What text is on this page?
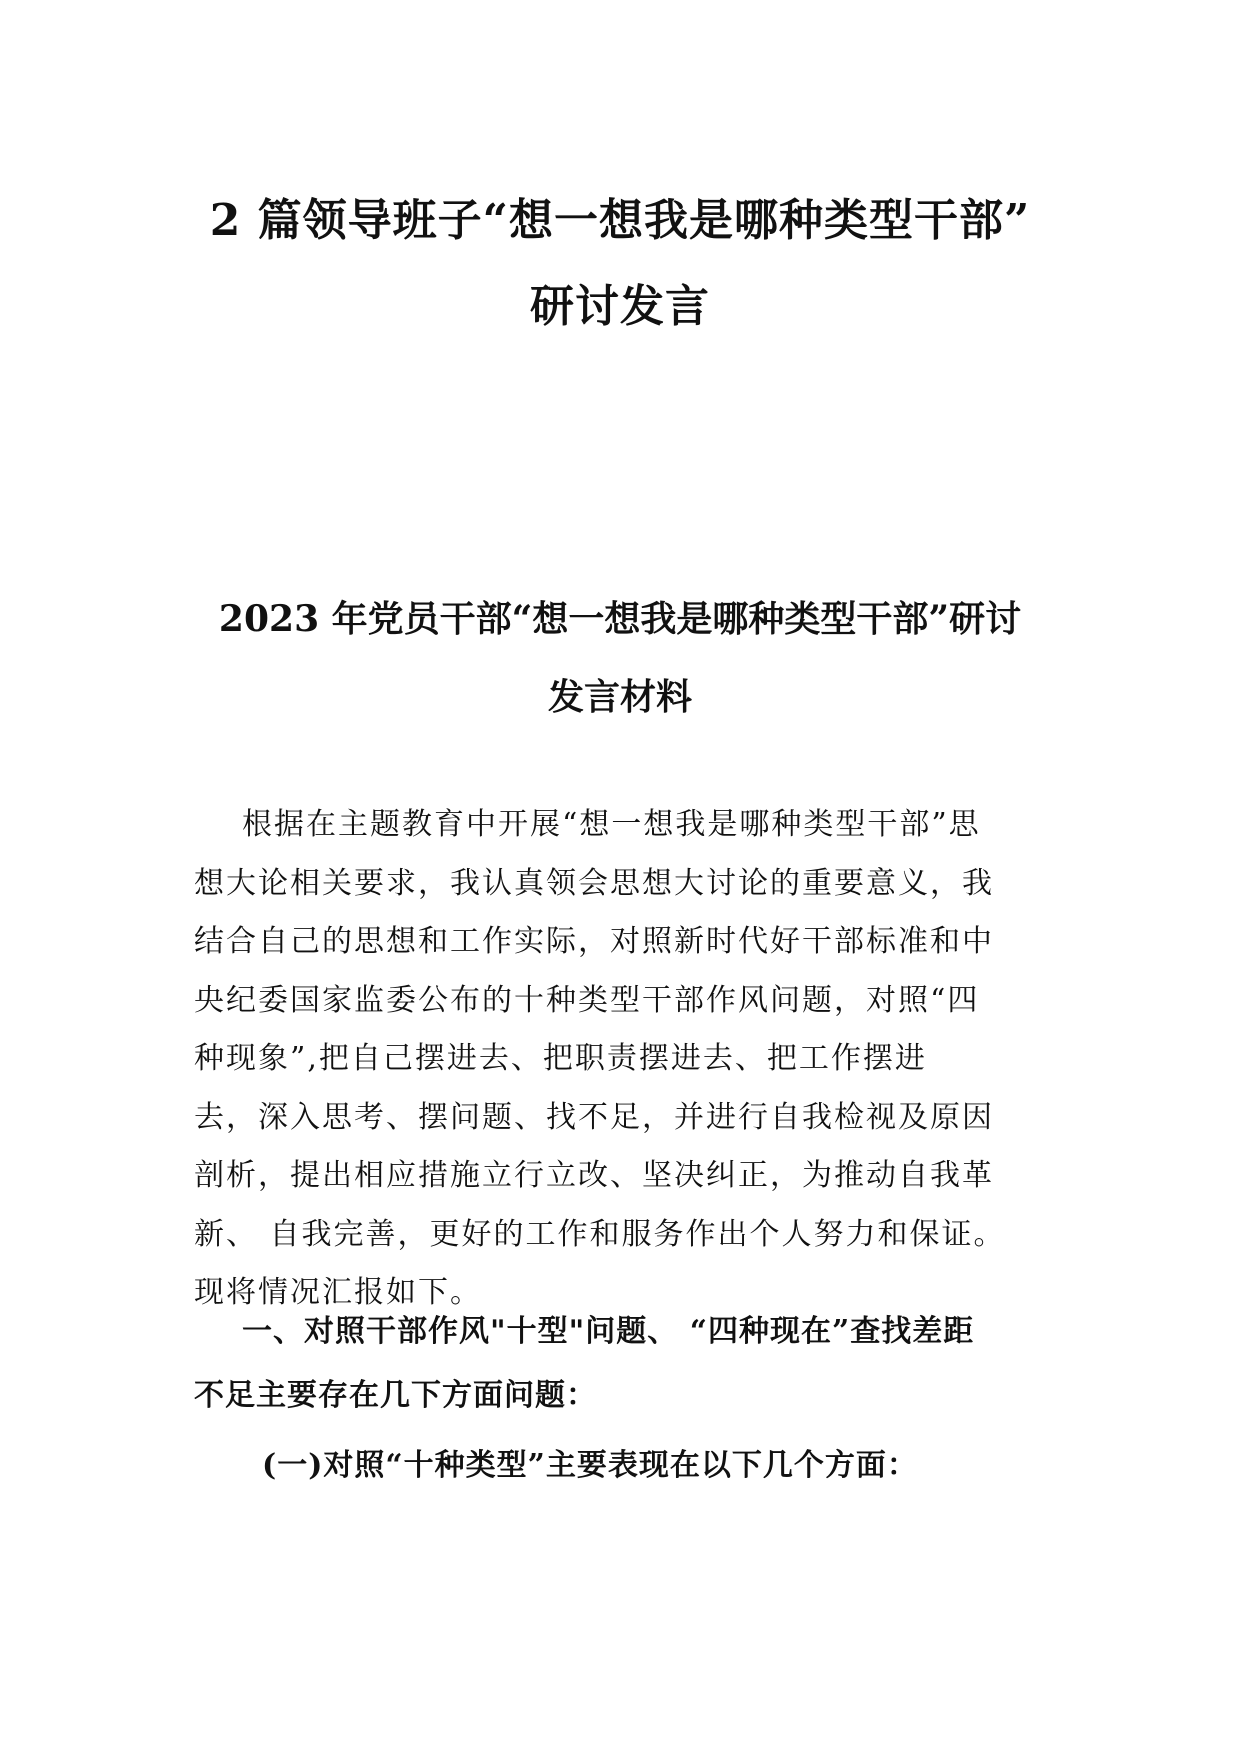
2 篇领导班子“想一想我是哪种类型干部”
研讨发言
2023 年党员干部“想一想我是哪种类型干部”研讨
发言材料
根据在主题教育中开展“想一想我是哪种类型干部”思
想大论相关要求，我认真领会思想大讨论的重要意义，我
结合自己的思想和工作实际，对照新时代好干部标准和中
央纪委国家监委公布的十种类型干部作风问题，对照“四
种现象”,把自己摆进去、把职责摆进去、把工作摆进
去，深入思考、摆问题、找不足，并进行自我检视及原因
剖析，提出相应措施立行立改、坚决纠正，为推动自我革
新、 自我完善，更好的工作和服务作出个人努力和保证。
现将情况汇报如下。
一、对照干部作风"十型"问题、 “四种现在”查找差距
不足主要存在几下方面问题：
(一)对照“十种类型”主要表现在以下几个方面：
